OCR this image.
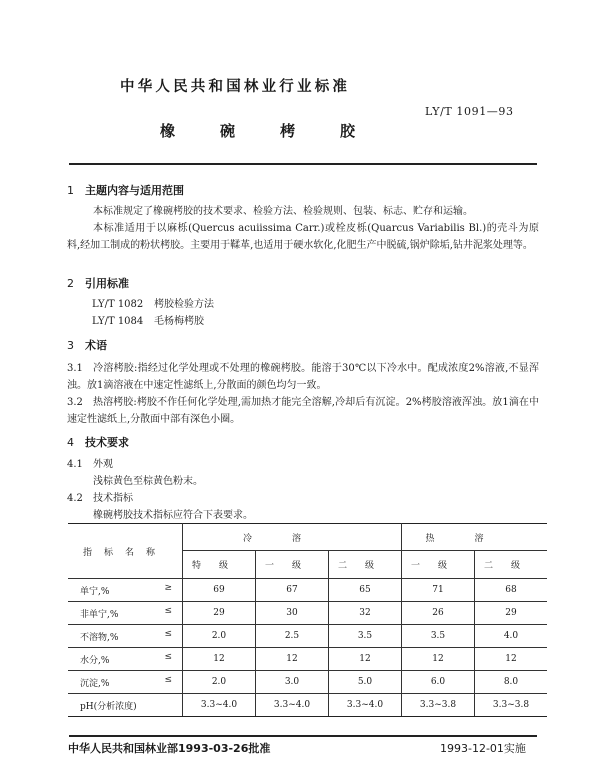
中华人民共和国林业行业标准
LY/T 1091—93
橡	碗	栲	胶
1 主题内容与适用范围
本标准规定了橡碗栲胶的技术要求、检验方法、检验规则、包装、标志、贮存和运输。
本标准适用于以麻栎(Quercus acuiissima Carr.)或栓皮栎(Quarcus Variabilis Bl.)的壳斗为原料,经加工制成的粉状栲胶。主要用于鞣革,也适用于硬水软化,化肥生产中脱硫,锅炉除垢,钻井泥浆处理等。
2 引用标准
LY/T 1082 栲胶检验方法
LY/T 1084 毛杨梅栲胶
3 术语
3.1 冷溶栲胶:指经过化学处理或不处理的橡碗栲胶。能溶于30℃以下冷水中。配成浓度2%溶液,不显浑浊。放1滴溶液在中速定性滤纸上,分散面的颜色均匀一致。
3.2 热溶栲胶:栲胶不作任何化学处理,需加热才能完全溶解,冷却后有沉淀。2%栲胶溶液浑浊。放1滴在中速定性滤纸上,分散面中部有深色小圈。
4 技术要求
4.1 外观
浅棕黄色至棕黄色粉末。
4.2 技术指标
橡碗栲胶技术指标应符合下表要求。
指标名称	冷溶			热溶	
	特级	一级	二级	一级	二级
单宁,% ≥	69	67	65	71	68
非单宁,% ≤	29	30	32	26	29
不溶物,% ≤	2.0	2.5	3.5	3.5	4.0
水分,% ≤	12	12	12	12	12
沉淀,% ≤	2.0	3.0	5.0	6.0	8.0
pH(分析浓度)	3.3~4.0	3.3~4.0	3.3~4.0	3.3~3.8	3.3~3.8
中华人民共和国林业部1993-03-26批准	1993-12-01实施
